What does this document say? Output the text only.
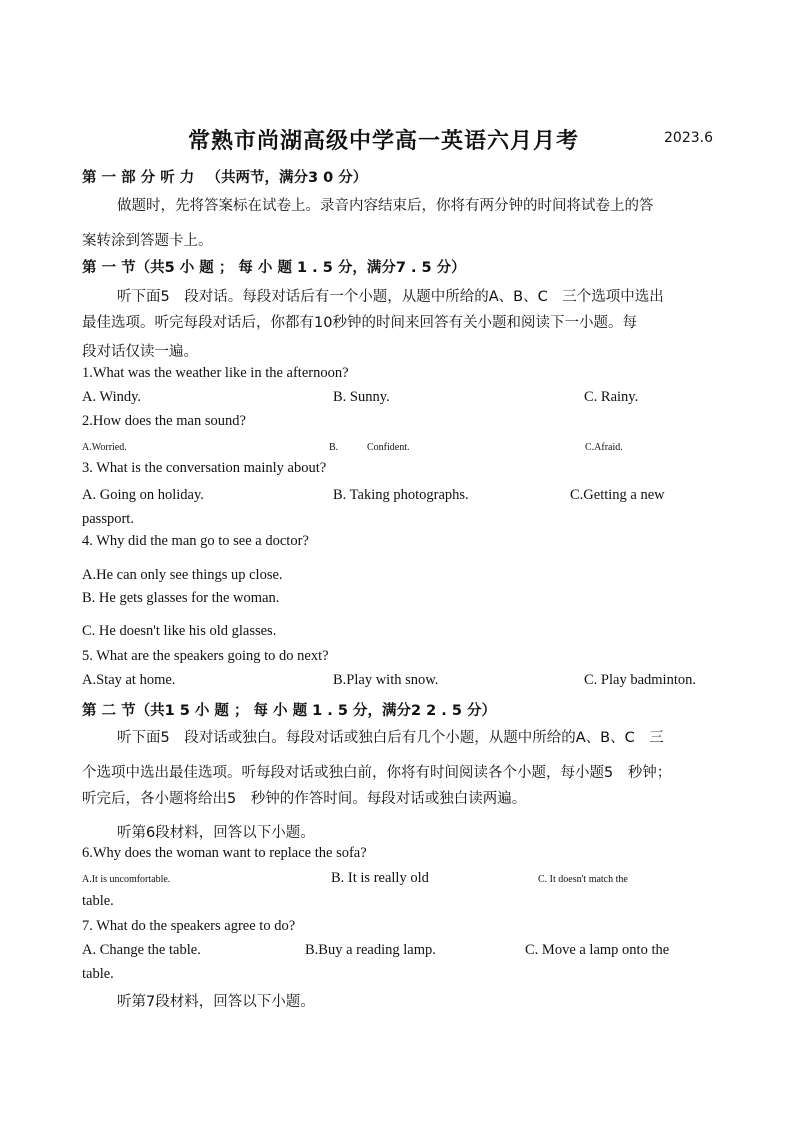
常熟市尚湖高级中学高一英语六月月考	2023.6
第 一 部 分 听 力 　（共两节，满分3 0 分）
做题时，先将答案标在试卷上。录音内容结束后，你将有两分钟的时间将试卷上的答
案转涂到答题卡上。
第 一 节（共5 小 题 ； 每 小 题 1 . 5 分，满分7 . 5 分）
听下面5　段对话。每段对话后有一个小题，从题中所给的A、B、C　三个选项中选出
最佳选项。听完每段对话后，你都有10秒钟的时间来回答有关小题和阅读下一小题。每
段对话仅读一遍。
1.What was the weather like in the afternoon?
A. Windy.	B. Sunny.	C. Rainy.
2.How does the man sound?
A.Worried.	B.	Confident.	C.Afraid.
3. What is the conversation mainly about?
A. Going on holiday.	B. Taking photographs.	C.Getting a new
passport.
4. Why did the man go to see a doctor?
A.He can only see things up close.
B. He gets glasses for the woman.
C. He doesn't like his old glasses.
5. What are the speakers going to do next?
A.Stay at home.	B.Play with snow.	C. Play badminton.
第 二 节（共1 5 小 题 ； 每 小 题 1 . 5 分，满分2 2 . 5 分）
听下面5　段对话或独白。每段对话或独白后有几个小题，从题中所给的A、B、C　三
个选项中选出最佳选项。听每段对话或独白前，你将有时间阅读各个小题，每小题5　秒钟；
听完后，各小题将给出5　秒钟的作答时间。每段对话或独白读两遍。
听第6段材料，回答以下小题。
6.Why does the woman want to replace the sofa?
A.It is uncomfortable.	B. It is really old	C. It doesn't match the
table.
7. What do the speakers agree to do?
A. Change the table.	B.Buy a reading lamp.	C. Move a lamp onto the
table.
听第7段材料，回答以下小题。
